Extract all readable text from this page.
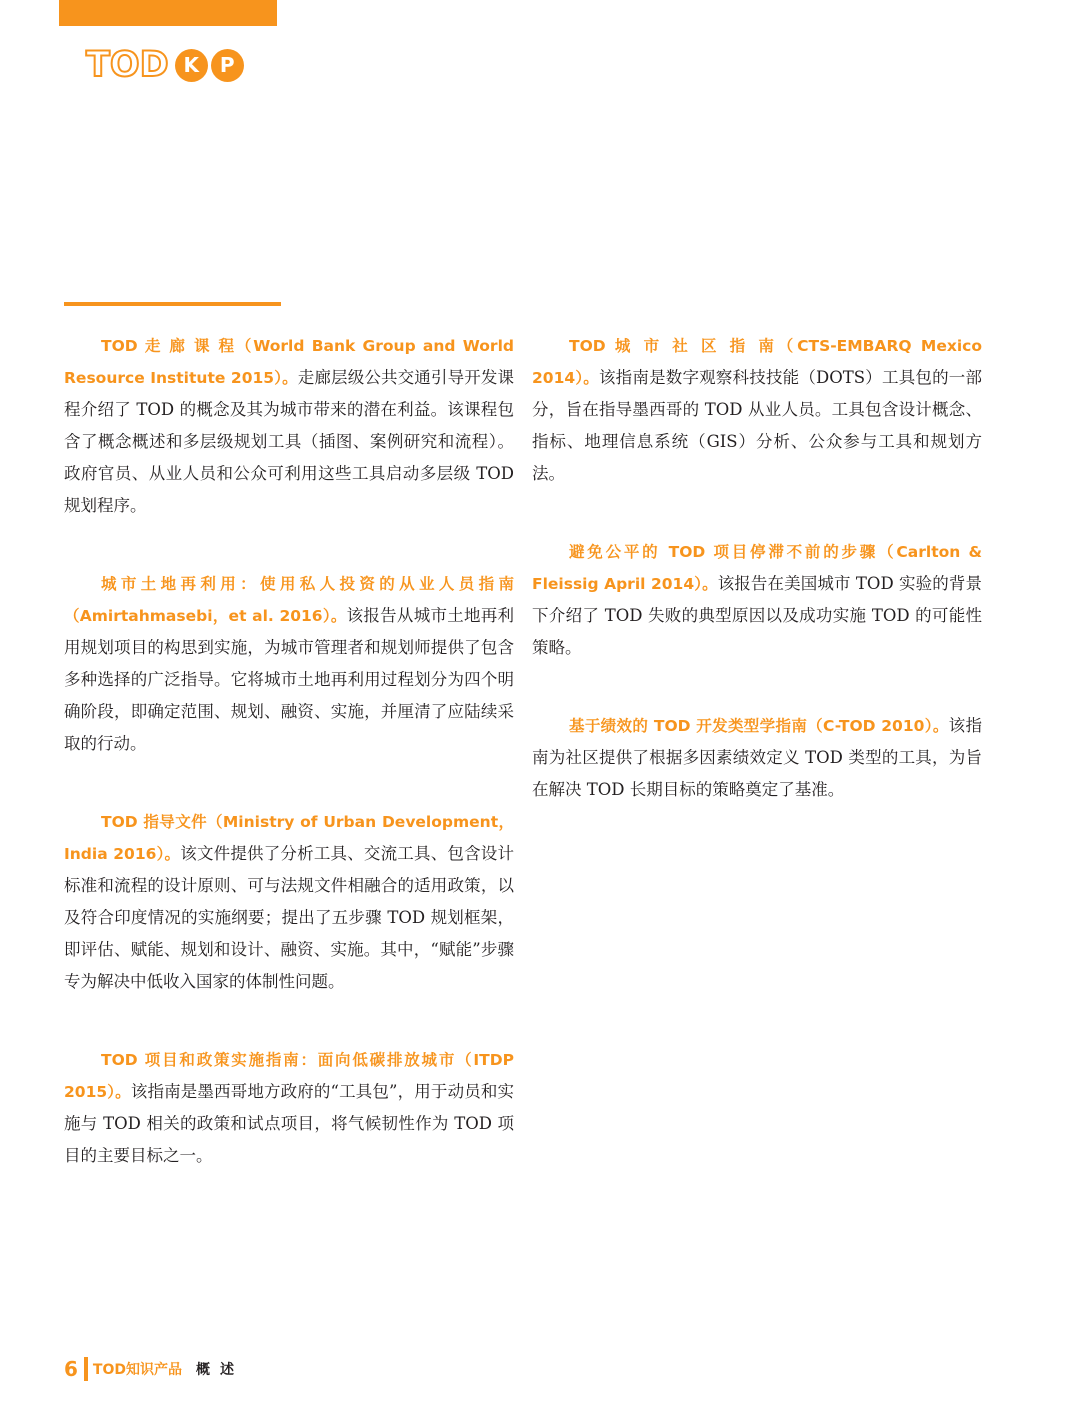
TOD K	P

TOD 走 廊 课 程（World Bank Group and World Resource Institute 2015）。走廊层级公共交通引导开发课程介绍了 TOD 的概念及其为城市带来的潜在利益。该课程包含了概念概述和多层级规划工具（插图、案例研究和流程）。政府官员、从业人员和公众可利用这些工具启动多层级 TOD 规划程序。

城市土地再利用：使用私人投资的从业人员指南（Amirtahmasebi，et al. 2016）。该报告从城市土地再利用规划项目的构思到实施，为城市管理者和规划师提供了包含多种选择的广泛指导。它将城市土地再利用过程划分为四个明确阶段，即确定范围、规划、融资、实施，并厘清了应陆续采取的行动。

TOD 指导文件（Ministry of Urban Development，India 2016）。该文件提供了分析工具、交流工具、包含设计标准和流程的设计原则、可与法规文件相融合的适用政策，以及符合印度情况的实施纲要；提出了五步骤 TOD 规划框架，即评估、赋能、规划和设计、融资、实施。其中，“赋能”步骤专为解决中低收入国家的体制性问题。

TOD 项目和政策实施指南：面向低碳排放城市（ITDP 2015）。该指南是墨西哥地方政府的“工具包”，用于动员和实施与 TOD 相关的政策和试点项目，将气候韧性作为 TOD 项目的主要目标之一。

TOD 城 市 社 区 指 南（CTS-EMBARQ Mexico 2014）。该指南是数字观察科技技能（DOTS）工具包的一部分，旨在指导墨西哥的 TOD 从业人员。工具包含设计概念、指标、地理信息系统（GIS）分析、公众参与工具和规划方法。

避免公平的 TOD 项目停滞不前的步骤（Carlton & Fleissig April 2014）。该报告在美国城市 TOD 实验的背景下介绍了 TOD 失败的典型原因以及成功实施 TOD 的可能性策略。

基于绩效的 TOD 开发类型学指南（C-TOD 2010）。该指南为社区提供了根据多因素绩效定义 TOD 类型的工具，为旨在解决 TOD 长期目标的策略奠定了基准。

6 TOD知识产品 概述
